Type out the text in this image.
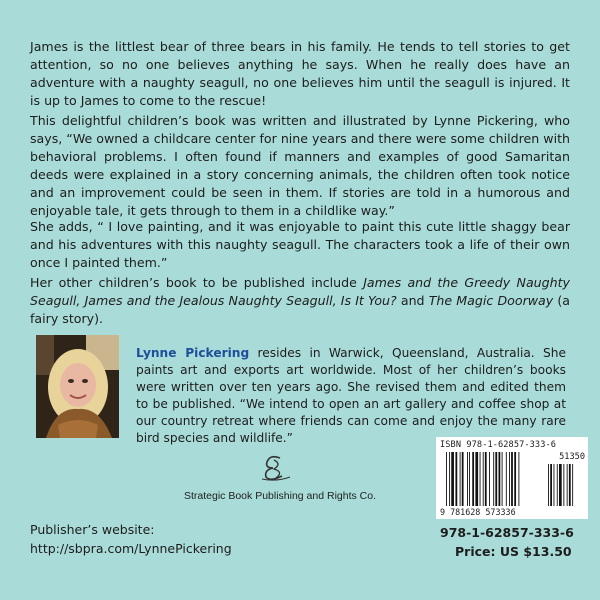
James is the littlest bear of three bears in his family. He tends to tell stories to get attention, so no one believes anything he says. When he really does have an adventure with a naughty seagull, no one believes him until the seagull is injured. It is up to James to come to the rescue!

This delightful children’s book was written and illustrated by Lynne Pickering, who says, “We owned a childcare center for nine years and there were some children with behavioral problems. I often found if manners and examples of good Samaritan deeds were explained in a story concerning animals, the children often took notice and an improvement could be seen in them. If stories are told in a humorous and enjoyable tale, it gets through to them in a childlike way.”

She adds, “ I love painting, and it was enjoyable to paint this cute little shaggy bear and his adventures with this naughty seagull. The characters took a life of their own once I painted them.”

Her other children’s book to be published include James and the Greedy Naughty Seagull, James and the Jealous Naughty Seagull, Is It You? and The Magic Doorway (a fairy story).

Lynne Pickering resides in Warwick, Queensland, Australia. She paints art and exports art worldwide. Most of her children’s books were written over ten years ago. She revised them and edited them to be published. “We intend to open an art gallery and coffee shop at our country retreat where friends can come and enjoy the many rare bird species and wildlife.”

Strategic Book Publishing and Rights Co.
Publisher’s website:
http://sbpra.com/LynnePickering
ISBN 978-1-62857-333-6
51350
9 781628 573336
978-1-62857-333-6
Price: US $13.50
